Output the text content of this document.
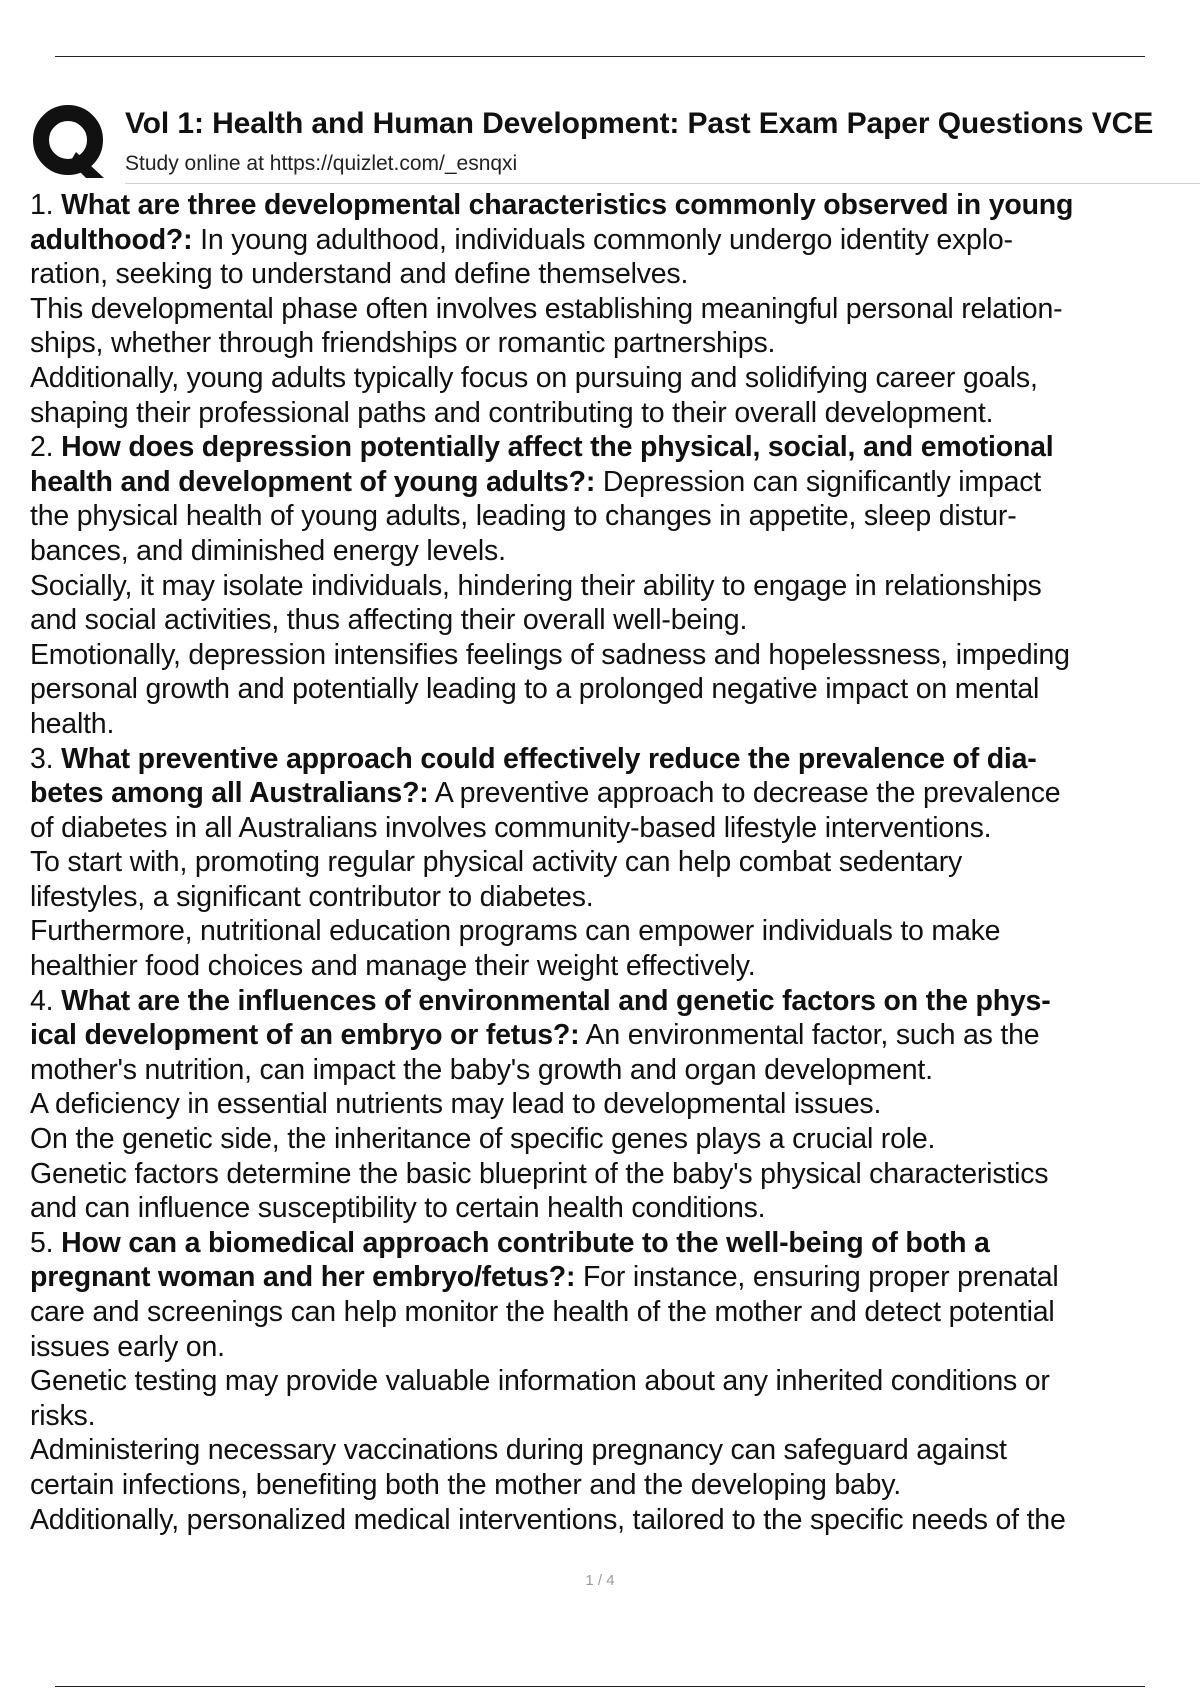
Q
Vol 1: Health and Human Development: Past Exam Paper Questions VCE
Study online at https://quizlet.com/_esnqxi
1. What are three developmental characteristics commonly observed in young
adulthood?: In young adulthood, individuals commonly undergo identity explo-
ration, seeking to understand and define themselves.
This developmental phase often involves establishing meaningful personal relation-
ships, whether through friendships or romantic partnerships.
Additionally, young adults typically focus on pursuing and solidifying career goals,
shaping their professional paths and contributing to their overall development.
2. How does depression potentially affect the physical, social, and emotional
health and development of young adults?: Depression can significantly impact
the physical health of young adults, leading to changes in appetite, sleep distur-
bances, and diminished energy levels.
Socially, it may isolate individuals, hindering their ability to engage in relationships
and social activities, thus affecting their overall well-being.
Emotionally, depression intensifies feelings of sadness and hopelessness, impeding
personal growth and potentially leading to a prolonged negative impact on mental
health.
3. What preventive approach could effectively reduce the prevalence of dia-
betes among all Australians?: A preventive approach to decrease the prevalence
of diabetes in all Australians involves community-based lifestyle interventions.
To start with, promoting regular physical activity can help combat sedentary
lifestyles, a significant contributor to diabetes.
Furthermore, nutritional education programs can empower individuals to make
healthier food choices and manage their weight effectively.
4. What are the influences of environmental and genetic factors on the phys-
ical development of an embryo or fetus?: An environmental factor, such as the
mother's nutrition, can impact the baby's growth and organ development.
A deficiency in essential nutrients may lead to developmental issues.
On the genetic side, the inheritance of specific genes plays a crucial role.
Genetic factors determine the basic blueprint of the baby's physical characteristics
and can influence susceptibility to certain health conditions.
5. How can a biomedical approach contribute to the well-being of both a
pregnant woman and her embryo/fetus?: For instance, ensuring proper prenatal
care and screenings can help monitor the health of the mother and detect potential
issues early on.
Genetic testing may provide valuable information about any inherited conditions or
risks.
Administering necessary vaccinations during pregnancy can safeguard against
certain infections, benefiting both the mother and the developing baby.
Additionally, personalized medical interventions, tailored to the specific needs of the
1 / 4
